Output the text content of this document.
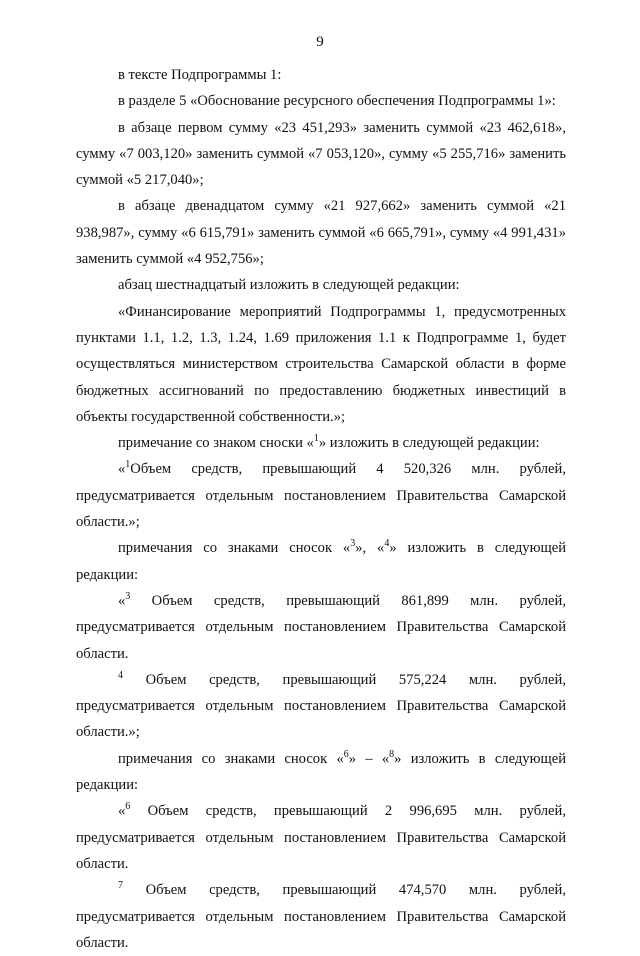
9

в тексте Подпрограммы 1:

в разделе 5 «Обоснование ресурсного обеспечения Подпрограммы 1»:

в абзаце первом сумму «23 451,293» заменить суммой «23 462,618», сумму «7 003,120» заменить суммой «7 053,120», сумму «5 255,716» заменить суммой «5 217,040»;

в абзаце двенадцатом сумму «21 927,662» заменить суммой «21 938,987», сумму «6 615,791» заменить суммой «6 665,791», сумму «4 991,431» заменить суммой «4 952,756»;

абзац шестнадцатый изложить в следующей редакции:

«Финансирование мероприятий Подпрограммы 1, предусмотренных пунктами 1.1, 1.2, 1.3, 1.24, 1.69 приложения 1.1 к Подпрограмме 1, будет осуществляться министерством строительства Самарской области в форме бюджетных ассигнований по предоставлению бюджетных инвестиций в объекты государственной собственности.»;

примечание со знаком сноски «$^1$» изложить в следующей редакции:

«$^1$Объем средств, превышающий 4 520,326 млн. рублей, предусматривается отдельным постановлением Правительства Самарской области.»;

примечания со знаками сносок «$^3$», «$^4$» изложить в следующей редакции:

«$^3$ Объем средств, превышающий 861,899 млн. рублей, предусматривается отдельным постановлением Правительства Самарской области.

$^4$ Объем средств, превышающий 575,224 млн. рублей, предусматривается отдельным постановлением Правительства Самарской области.»;

примечания со знаками сносок «$^6$» – «$^8$» изложить в следующей редакции:

«$^6$ Объем средств, превышающий 2 996,695 млн. рублей, предусматривается отдельным постановлением Правительства Самарской области.

$^7$ Объем средств, превышающий 474,570 млн. рублей, предусматривается отдельным постановлением Правительства Самарской области.
